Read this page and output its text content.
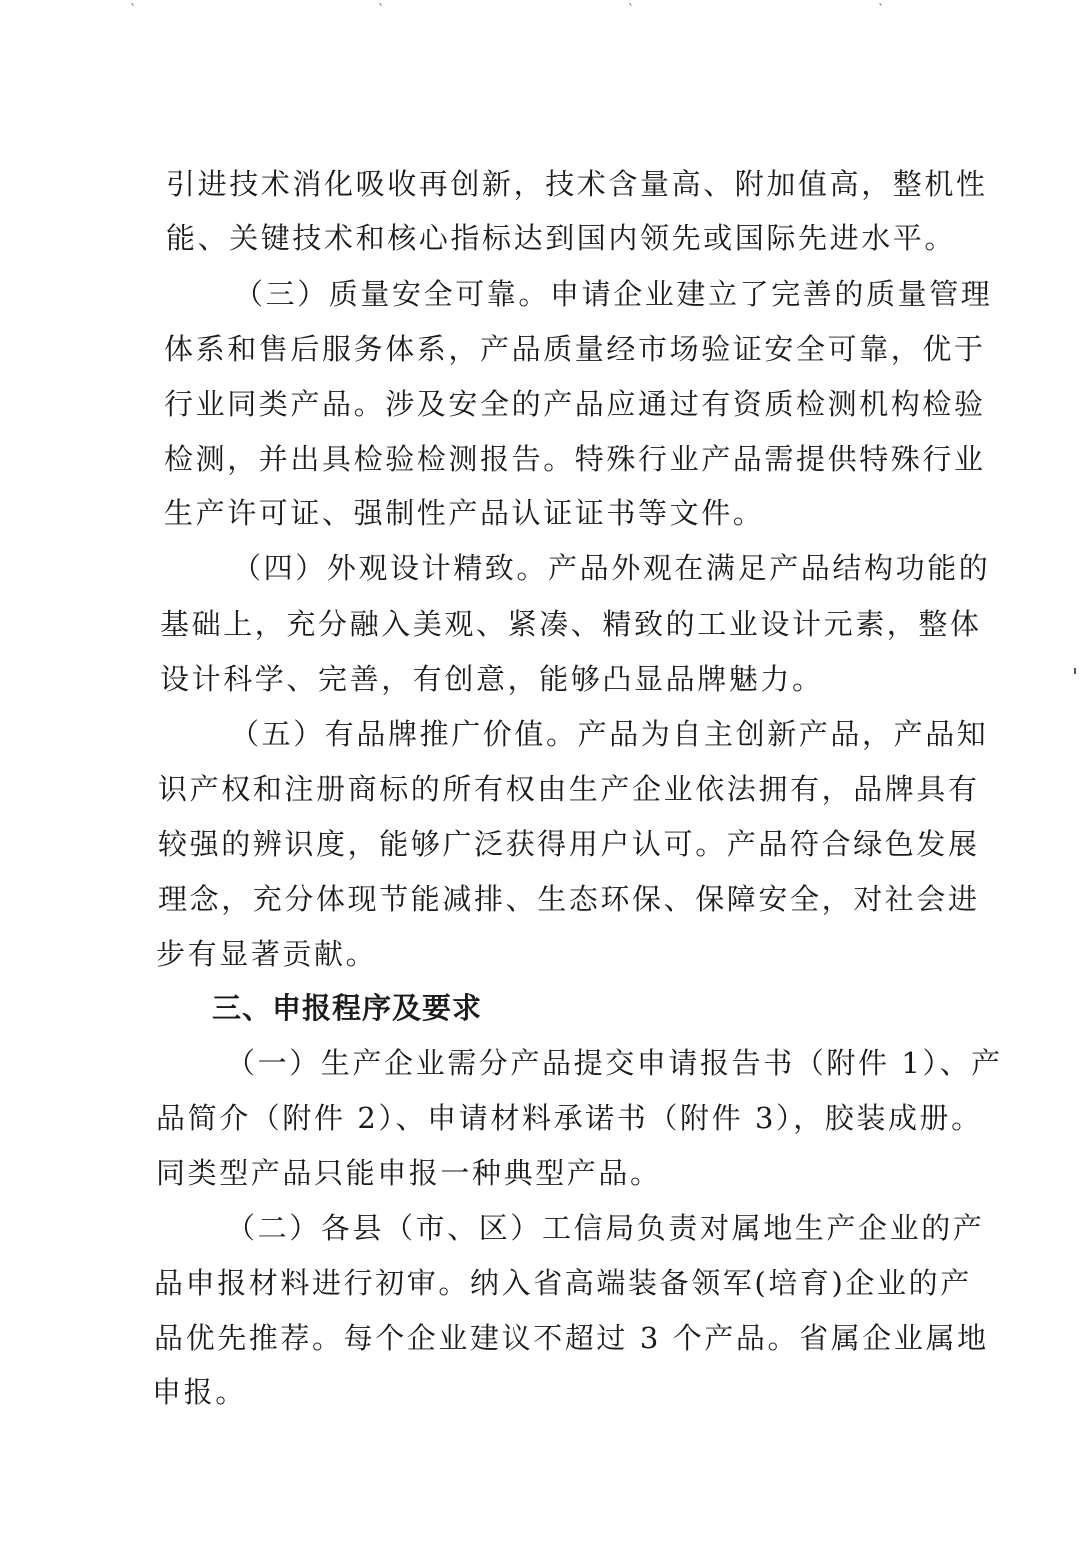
ˋ	ˋ	ˋ	ˋ
引进技术消化吸收再创新，技术含量高、附加值高，整机性
能、关键技术和核心指标达到国内领先或国际先进水平。
（三）质量安全可靠。申请企业建立了完善的质量管理
体系和售后服务体系，产品质量经市场验证安全可靠，优于
行业同类产品。涉及安全的产品应通过有资质检测机构检验
检测，并出具检验检测报告。特殊行业产品需提供特殊行业
生产许可证、强制性产品认证证书等文件。
（四）外观设计精致。产品外观在满足产品结构功能的
基础上，充分融入美观、紧凑、精致的工业设计元素，整体
设计科学、完善，有创意，能够凸显品牌魅力。
（五）有品牌推广价值。产品为自主创新产品，产品知
识产权和注册商标的所有权由生产企业依法拥有，品牌具有
较强的辨识度，能够广泛获得用户认可。产品符合绿色发展
理念，充分体现节能减排、生态环保、保障安全，对社会进
步有显著贡献。
三、申报程序及要求
（一）生产企业需分产品提交申请报告书（附件 1）、产
品简介（附件 2）、申请材料承诺书（附件 3），胶装成册。
同类型产品只能申报一种典型产品。
（二）各县（市、区）工信局负责对属地生产企业的产
品申报材料进行初审。纳入省高端装备领军(培育)企业的产
品优先推荐。每个企业建议不超过 3 个产品。省属企业属地
申报。
